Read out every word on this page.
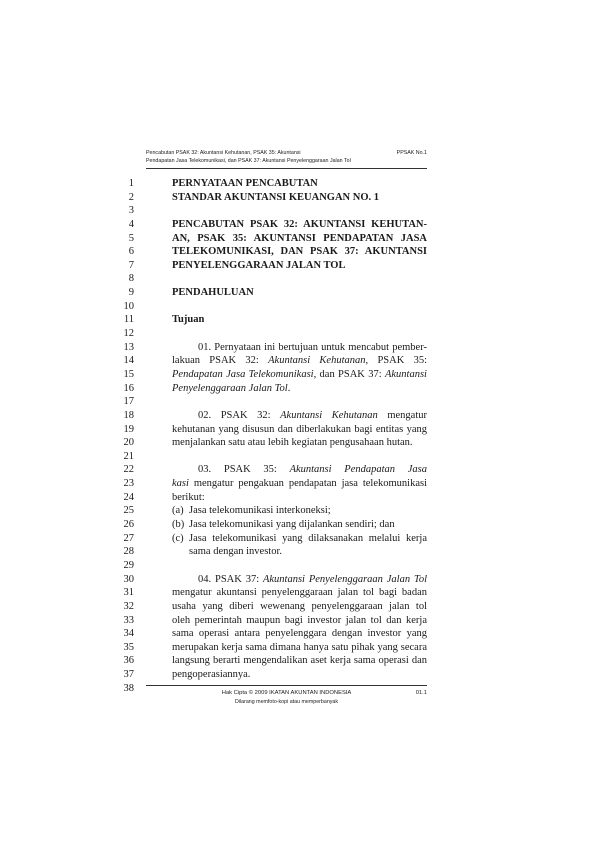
Pencabutan PSAK 32: Akuntansi Kehutanan, PSAK 35: Akuntansi
Pendapatan Jasa Telekomunikasi, dan PSAK 37: Akuntansi Penyelenggaraan Jalan Tol
PPSAK No.1
1
2
3
4
5
6
7
8
9
10
11
12
13
14
15
16
17
18
19
20
21
22
23
24
25
26
27
28
29
30
31
32
33
34
35
36
37
38
PERNYATAAN PENCABUTAN
STANDAR AKUNTANSI KEUANGAN NO. 1
PENCABUTAN PSAK 32: AKUNTANSI KEHUTAN-
AN, PSAK 35: AKUNTANSI PENDAPATAN JASA
TELEKOMUNIKASI, DAN PSAK 37: AKUNTANSI
PENYELENGGARAAN JALAN TOL
PENDAHULUAN
Tujuan
01. Pernyataan ini bertujuan untuk mencabut pember-
lakuan PSAK 32: Akuntansi Kehutanan, PSAK 35:
Pendapatan Jasa Telekomunikasi, dan PSAK 37: Akuntansi
Penyelenggaraan Jalan Tol.
02. PSAK 32: Akuntansi Kehutanan mengatur
kehutanan yang disusun dan diberlakukan bagi entitas yang
menjalankan satu atau lebih kegiatan pengusahaan hutan.
03. PSAK 35: Akuntansi Pendapatan Jasa
kasi mengatur pengakuan pendapatan jasa telekomunikasi
berikut:
(a) Jasa telekomunikasi interkoneksi;
(b) Jasa telekomunikasi yang dijalankan sendiri; dan
(c) Jasa telekomunikasi yang dilaksanakan melalui kerja
sama dengan investor.
04. PSAK 37: Akuntansi Penyelenggaraan Jalan Tol
mengatur akuntansi penyelenggaraan jalan tol bagi badan
usaha yang diberi wewenang penyelenggaraan jalan tol
oleh pemerintah maupun bagi investor jalan tol dan kerja
sama operasi antara penyelenggara dengan investor yang
merupakan kerja sama dimana hanya satu pihak yang secara
langsung berarti mengendalikan aset kerja sama operasi dan
pengoperasiannya.
Hak Cipta © 2009 IKATAN AKUNTAN INDONESIA
Dilarang memfoto-kopi atau memperbanyak
01.1
